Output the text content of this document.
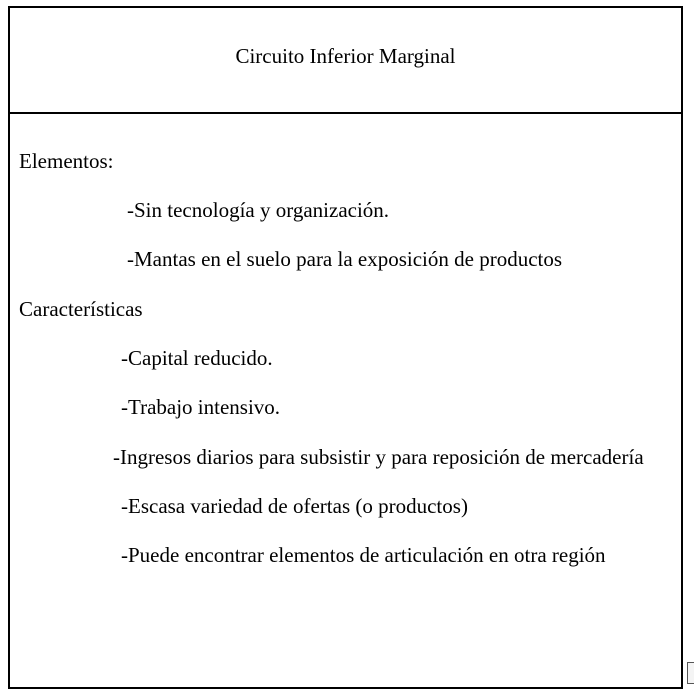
Circuito Inferior Marginal
Elementos:
-Sin tecnología y organización.
-Mantas en el suelo para la exposición de productos
Características
-Capital reducido.
-Trabajo intensivo.
-Ingresos diarios para subsistir y para reposición de mercadería
-Escasa variedad de ofertas (o productos)
-Puede encontrar elementos de articulación en otra región
